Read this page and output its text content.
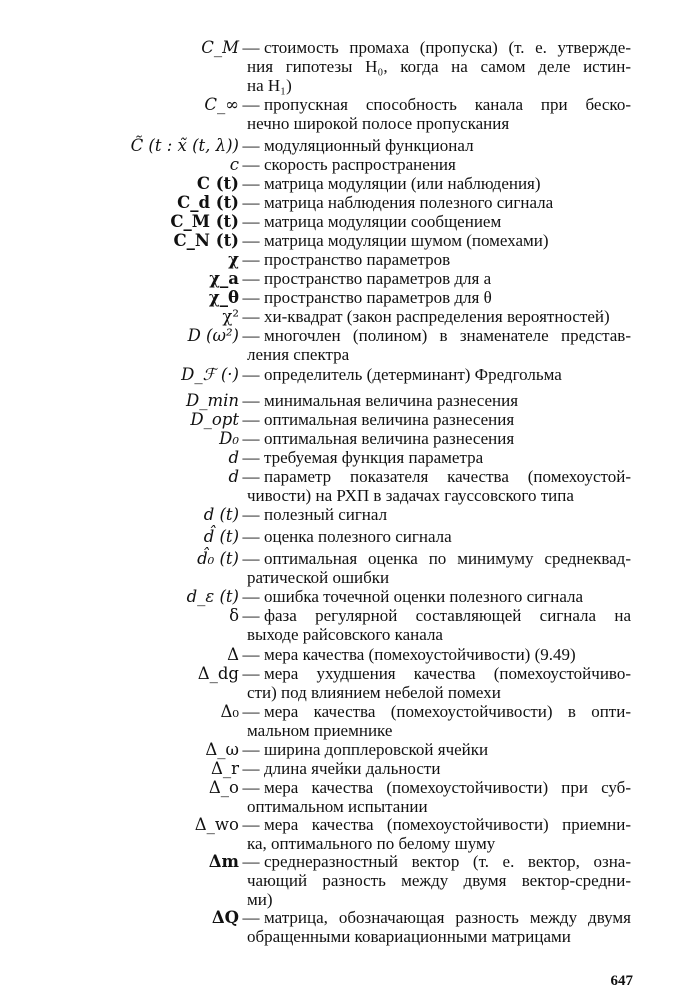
C_M — стоимость промаха (пропуска) (т. е. утвержде-
ния гипотезы H₀, когда на самом деле истин-
на H₁)
C_∞ — пропускная способность канала при беско-
нечно широкой полосе пропускания
C̃ (t : x̃ (t, λ)) — модуляционный функционал
c — скорость распространения
C (t) — матрица модуляции (или наблюдения)
C_d (t) — матрица наблюдения полезного сигнала
C_M (t) — матрица модуляции сообщением
C_N (t) — матрица модуляции шумом (помехами)
χ — пространство параметров
χ_a — пространство параметров для a
χ_θ — пространство параметров для θ
χ² — хи-квадрат (закон распределения вероятностей)
D (ω²) — многочлен (полином) в знаменателе представ-
ления спектра
D_ℱ (·) — определитель (детерминант) Фредгольма
D_min — минимальная величина разнесения
D_opt — оптимальная величина разнесения
D₀ — оптимальная величина разнесения
d — требуемая функция параметра
d — параметр показателя качества (помехоустой-
чивости) на РХП в задачах гауссовского типа
d (t) — полезный сигнал
d̂ (t) — оценка полезного сигнала
d̂₀ (t) — оптимальная оценка по минимуму среднеквад-
ратической ошибки
d_ε (t) — ошибка точечной оценки полезного сигнала
δ — фаза регулярной составляющей сигнала на
выходе райсовского канала
Δ — мера качества (помехоустойчивости) (9.49)
Δ_dg — мера ухудшения качества (помехоустойчиво-
сти) под влиянием небелой помехи
Δ₀ — мера качества (помехоустойчивости) в опти-
мальном приемнике
Δ_ω — ширина допплеровской ячейки
Δ_r — длина ячейки дальности
Δ_o — мера качества (помехоустойчивости) при суб-
оптимальном испытании
Δ_wo — мера качества (помехоустойчивости) приемни-
ка, оптимального по белому шуму
Δm — среднеразностный вектор (т. е. вектор, озна-
чающий разность между двумя вектор-средни-
ми)
ΔQ — матрица, обозначающая разность между двумя
обращенными ковариационными матрицами
647
